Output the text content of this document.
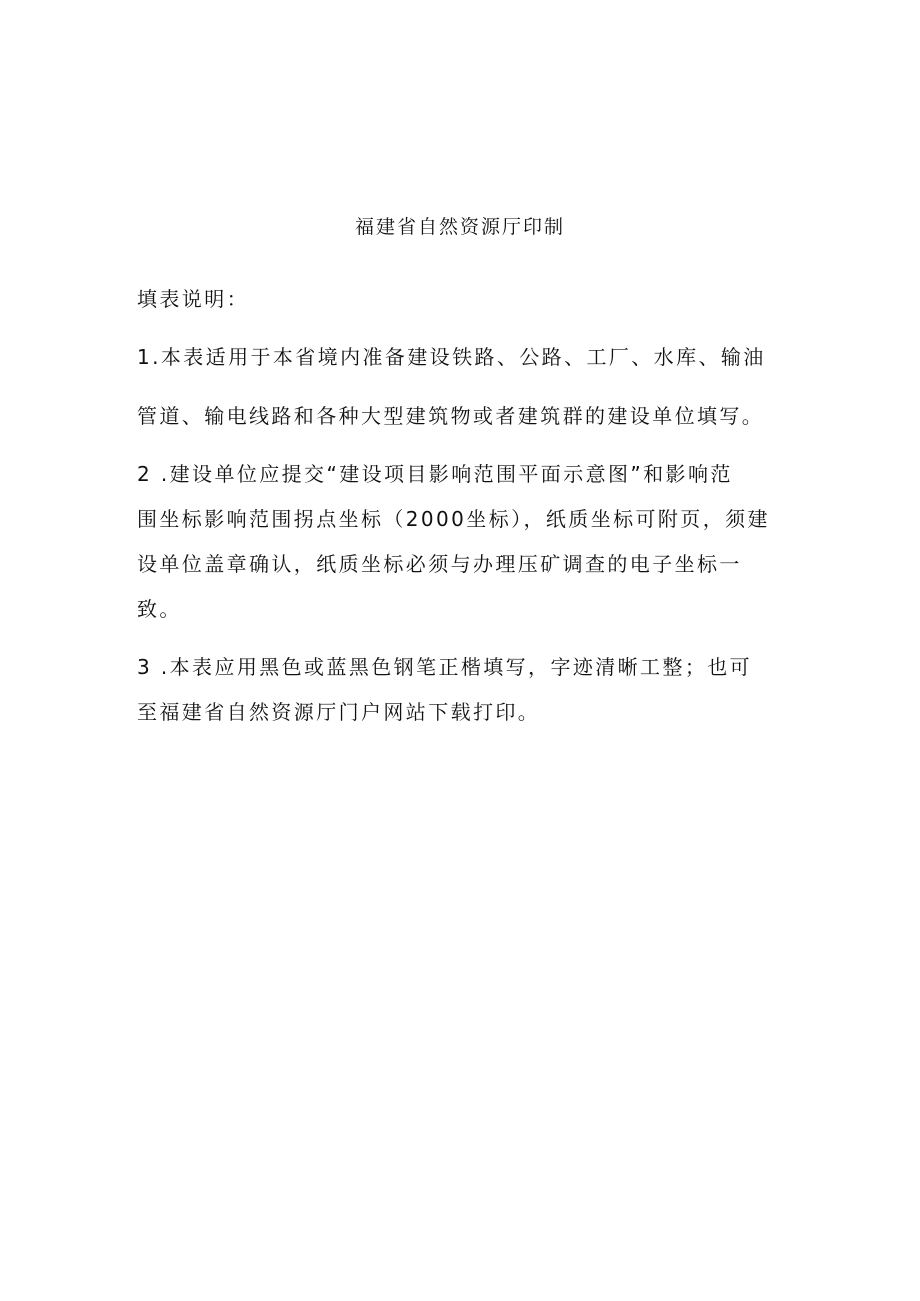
福建省自然资源厅印制
填表说明：
1.本表适用于本省境内准备建设铁路、公路、工厂、水库、输油
管道、输电线路和各种大型建筑物或者建筑群的建设单位填写。
2 .建设单位应提交“建设项目影响范围平面示意图”和影响范
围坐标影响范围拐点坐标（2000坐标），纸质坐标可附页，须建
设单位盖章确认，纸质坐标必须与办理压矿调查的电子坐标一
致。
3 .本表应用黑色或蓝黑色钢笔正楷填写，字迹清晰工整；也可
至福建省自然资源厅门户网站下载打印。
